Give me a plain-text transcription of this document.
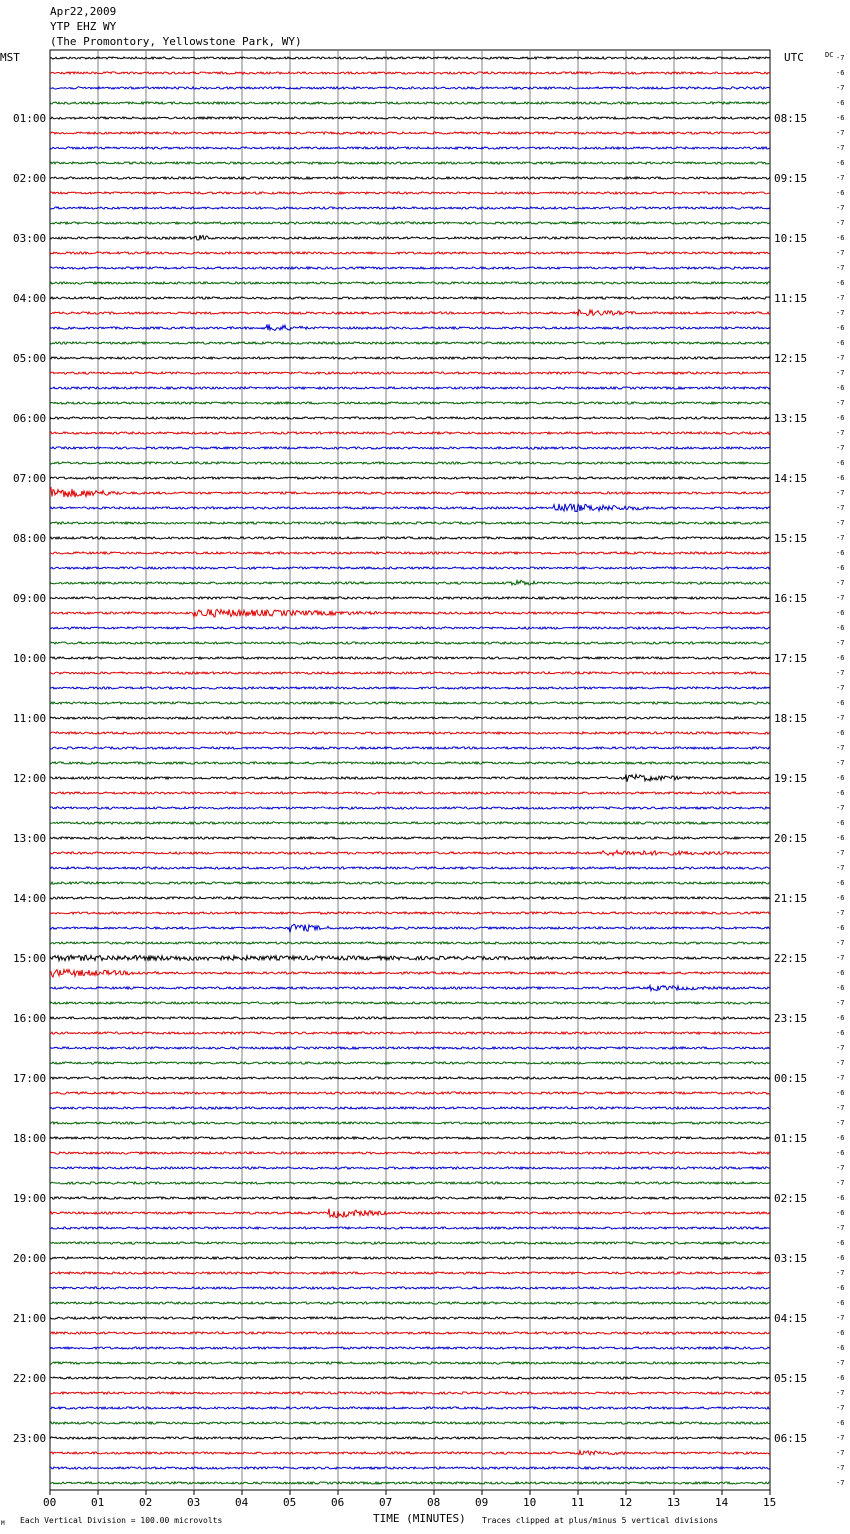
Apr22,2009
YTP EHZ WY
(The Promontory, Yellowstone Park, WY)
MST	UTC	DC
01:00
02:00
03:00
04:00
05:00
06:00
07:00
08:00
09:00
10:00
11:00
12:00
13:00
14:00
15:00
16:00
17:00
18:00
19:00
20:00
21:00
22:00
23:00
08:15
09:15
10:15
11:15
12:15
13:15
14:15
15:15
16:15
17:15
18:15
19:15
20:15
21:15
22:15
23:15
00:15
01:15
02:15
03:15
04:15
05:15
06:15
-7
-6
-7
-6
-6
-7
-7
-6
-7
-6
-7
-7
-6
-7
-7
-6
-7
-7
-6
-6
-7
-7
-6
-7
-6
-7
-7
-6
-6
-7
-7
-7
-7
-6
-6
-7
-7
-6
-6
-7
-6
-7
-7
-6
-7
-6
-7
-7
-6
-6
-7
-6
-6
-7
-7
-6
-6
-7
-6
-7
-7
-6
-6
-7
-6
-6
-7
-7
-7
-6
-7
-7
-6
-6
-7
-7
-6
-6
-7
-6
-6
-7
-6
-6
-7
-6
-6
-7
-6
-7
-7
-6
-7
-7
-7
-7
00	01	02	03	04	05	06	07	08	09	10	11	12	13	14	15
TIME (MINUTES)
Each Vertical Division = 100.00 microvolts	Traces clipped at plus/minus 5 vertical divisions
M
